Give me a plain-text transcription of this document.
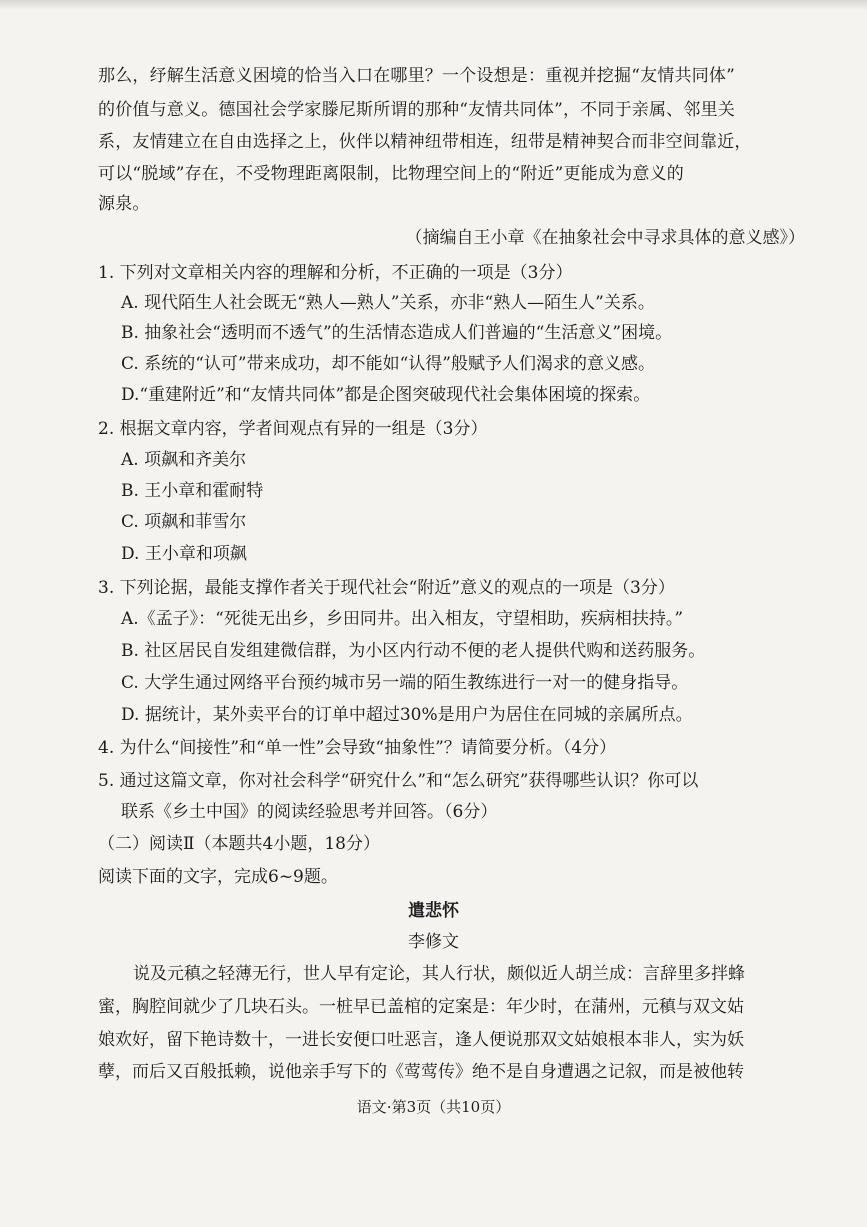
那么，纾解生活意义困境的恰当入口在哪里？一个设想是：重视并挖掘“友情共同体”

的价值与意义。德国社会学家滕尼斯所谓的那种“友情共同体”，不同于亲属、邻里关

系，友情建立在自由选择之上，伙伴以精神纽带相连，纽带是精神契合而非空间靠近，

可以“脱域”存在，不受物理距离限制，比物理空间上的“附近”更能成为意义的

源泉。

（摘编自王小章《在抽象社会中寻求具体的意义感》）
1. 下列对文章相关内容的理解和分析，不正确的一项是（3分）
A. 现代陌生人社会既无“熟人—熟人”关系，亦非“熟人—陌生人”关系。
B. 抽象社会“透明而不透气”的生活情态造成人们普遍的“生活意义”困境。
C. 系统的“认可”带来成功，却不能如“认得”般赋予人们渴求的意义感。
D.“重建附近”和“友情共同体”都是企图突破现代社会集体困境的探索。
2. 根据文章内容，学者间观点有异的一组是（3分）
A. 项飙和齐美尔
B. 王小章和霍耐特
C. 项飙和菲雪尔
D. 王小章和项飙
3. 下列论据，最能支撑作者关于现代社会“附近”意义的观点的一项是（3分）
A.《孟子》：“死徙无出乡，乡田同井。出入相友，守望相助，疾病相扶持。”
B. 社区居民自发组建微信群，为小区内行动不便的老人提供代购和送药服务。
C. 大学生通过网络平台预约城市另一端的陌生教练进行一对一的健身指导。
D. 据统计，某外卖平台的订单中超过30%是用户为居住在同城的亲属所点。
4. 为什么“间接性”和“单一性”会导致“抽象性”？请简要分析。（4分）
5. 通过这篇文章，你对社会科学“研究什么”和“怎么研究”获得哪些认识？你可以
联系《乡土中国》的阅读经验思考并回答。（6分）
（二）阅读Ⅱ（本题共4小题，18分）
阅读下面的文字，完成6~9题。
遣悲怀
李修文

说及元稹之轻薄无行，世人早有定论，其人行状，颇似近人胡兰成：言辞里多拌蜂

蜜，胸腔间就少了几块石头。一桩早已盖棺的定案是：年少时，在蒲州，元稹与双文姑

娘欢好，留下艳诗数十，一进长安便口吐恶言，逢人便说那双文姑娘根本非人，实为妖

孽，而后又百般抵赖，说他亲手写下的《莺莺传》绝不是自身遭遇之记叙，而是被他转

语文·第3页（共10页）
